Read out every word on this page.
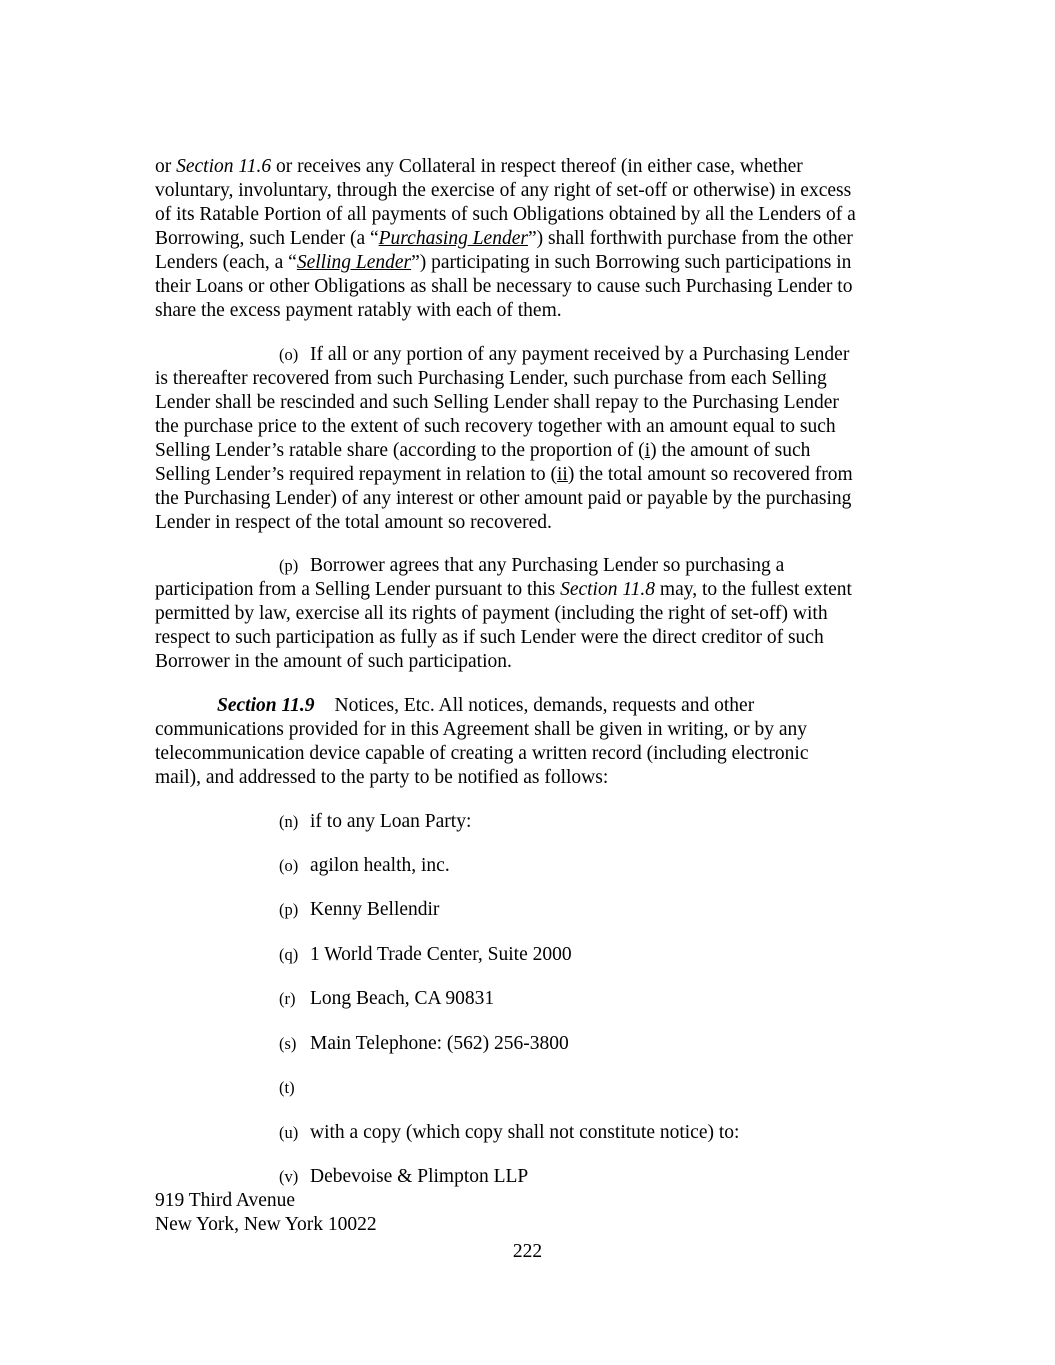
or Section 11.6 or receives any Collateral in respect thereof (in either case, whether

voluntary, involuntary, through the exercise of any right of set-off or otherwise) in excess

of its Ratable Portion of all payments of such Obligations obtained by all the Lenders of a

Borrowing, such Lender (a “Purchasing Lender”) shall forthwith purchase from the other

Lenders (each, a “Selling Lender”) participating in such Borrowing such participations in

their Loans or other Obligations as shall be necessary to cause such Purchasing Lender to

share the excess payment ratably with each of them.

(o) If all or any portion of any payment received by a Purchasing Lender

is thereafter recovered from such Purchasing Lender, such purchase from each Selling

Lender shall be rescinded and such Selling Lender shall repay to the Purchasing Lender

the purchase price to the extent of such recovery together with an amount equal to such

Selling Lender’s ratable share (according to the proportion of (i) the amount of such

Selling Lender’s required repayment in relation to (ii) the total amount so recovered from

the Purchasing Lender) of any interest or other amount paid or payable by the purchasing

Lender in respect of the total amount so recovered.

(p) Borrower agrees that any Purchasing Lender so purchasing a

participation from a Selling Lender pursuant to this Section 11.8 may, to the fullest extent

permitted by law, exercise all its rights of payment (including the right of set-off) with

respect to such participation as fully as if such Lender were the direct creditor of such

Borrower in the amount of such participation.

Section 11.9 Notices, Etc. All notices, demands, requests and other

communications provided for in this Agreement shall be given in writing, or by any

telecommunication device capable of creating a written record (including electronic

mail), and addressed to the party to be notified as follows:

(n) if to any Loan Party:
(o) agilon health, inc.
(p) Kenny Bellendir
(q) 1 World Trade Center, Suite 2000
(r) Long Beach, CA 90831
(s) Main Telephone: (562) 256-3800
(t)
(u) with a copy (which copy shall not constitute notice) to:
(v) Debevoise & Plimpton LLP
919 Third Avenue
New York, New York 10022
222
